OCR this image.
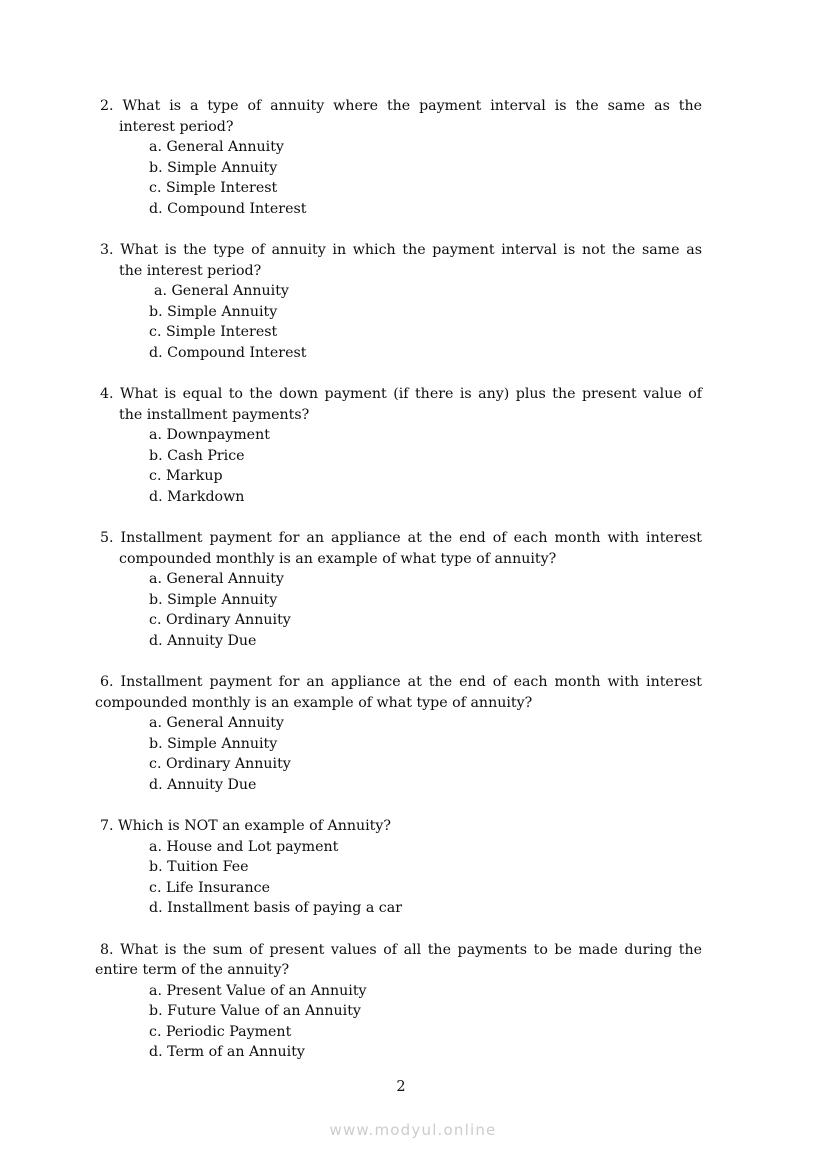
2. What is a type of annuity where the payment interval is the same as the
interest period?
a. General Annuity
b. Simple Annuity
c. Simple Interest
d. Compound Interest
3. What is the type of annuity in which the payment interval is not the same as
the interest period?
a. General Annuity
b. Simple Annuity
c. Simple Interest
d. Compound Interest
4. What is equal to the down payment (if there is any) plus the present value of
the installment payments?
a. Downpayment
b. Cash Price
c. Markup
d. Markdown
5. Installment payment for an appliance at the end of each month with interest
compounded monthly is an example of what type of annuity?
a. General Annuity
b. Simple Annuity
c. Ordinary Annuity
d. Annuity Due
6. Installment payment for an appliance at the end of each month with interest
compounded monthly is an example of what type of annuity?
a. General Annuity
b. Simple Annuity
c. Ordinary Annuity
d. Annuity Due
7. Which is NOT an example of Annuity?
a. House and Lot payment
b. Tuition Fee
c. Life Insurance
d. Installment basis of paying a car
8. What is the sum of present values of all the payments to be made during the
entire term of the annuity?
a. Present Value of an Annuity
b. Future Value of an Annuity
c. Periodic Payment
d. Term of an Annuity
2
www.modyul.online
